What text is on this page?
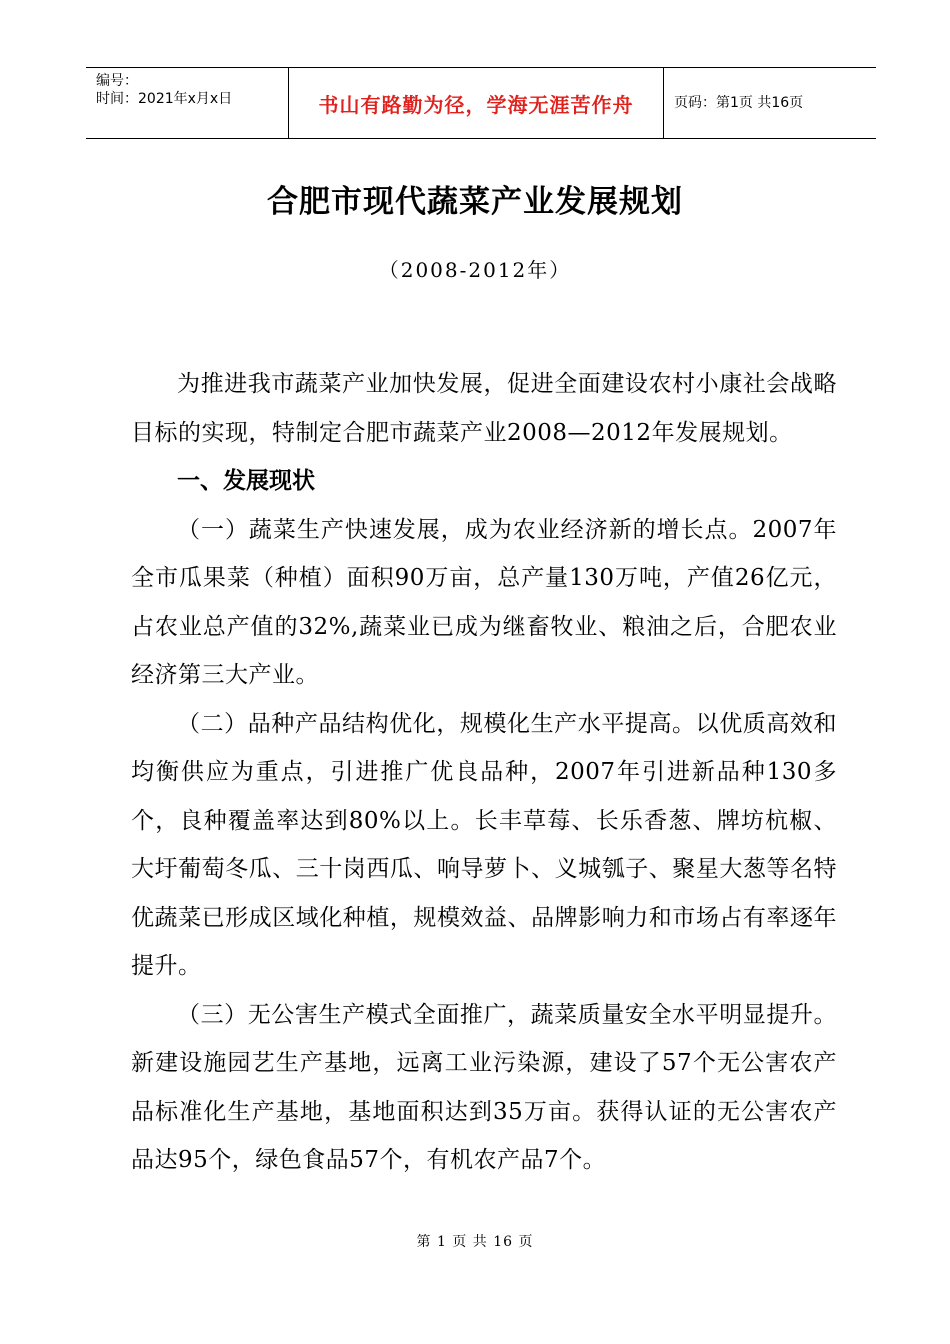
编号：
时间：2021年x月x日	书山有路勤为径，学海无涯苦作舟	页码：第1页 共16页
合肥市现代蔬菜产业发展规划
（2008-2012年）

为推进我市蔬菜产业加快发展，促进全面建设农村小康社会战略目标的实现，特制定合肥市蔬菜产业2008—2012年发展规划。

一、发展现状

（一）蔬菜生产快速发展，成为农业经济新的增长点。2007年全市瓜果菜（种植）面积90万亩，总产量130万吨，产值26亿元，占农业总产值的32%,蔬菜业已成为继畜牧业、粮油之后，合肥农业经济第三大产业。

（二）品种产品结构优化，规模化生产水平提高。以优质高效和均衡供应为重点，引进推广优良品种，2007年引进新品种130多个，良种覆盖率达到80%以上。长丰草莓、长乐香葱、牌坊杭椒、大圩葡萄冬瓜、三十岗西瓜、响导萝卜、义城瓠子、聚星大葱等名特优蔬菜已形成区域化种植，规模效益、品牌影响力和市场占有率逐年提升。

（三）无公害生产模式全面推广，蔬菜质量安全水平明显提升。新建设施园艺生产基地，远离工业污染源，建设了57个无公害农产品标准化生产基地，基地面积达到35万亩。获得认证的无公害农产品达95个，绿色食品57个，有机农产品7个。

第 1 页 共 16 页
